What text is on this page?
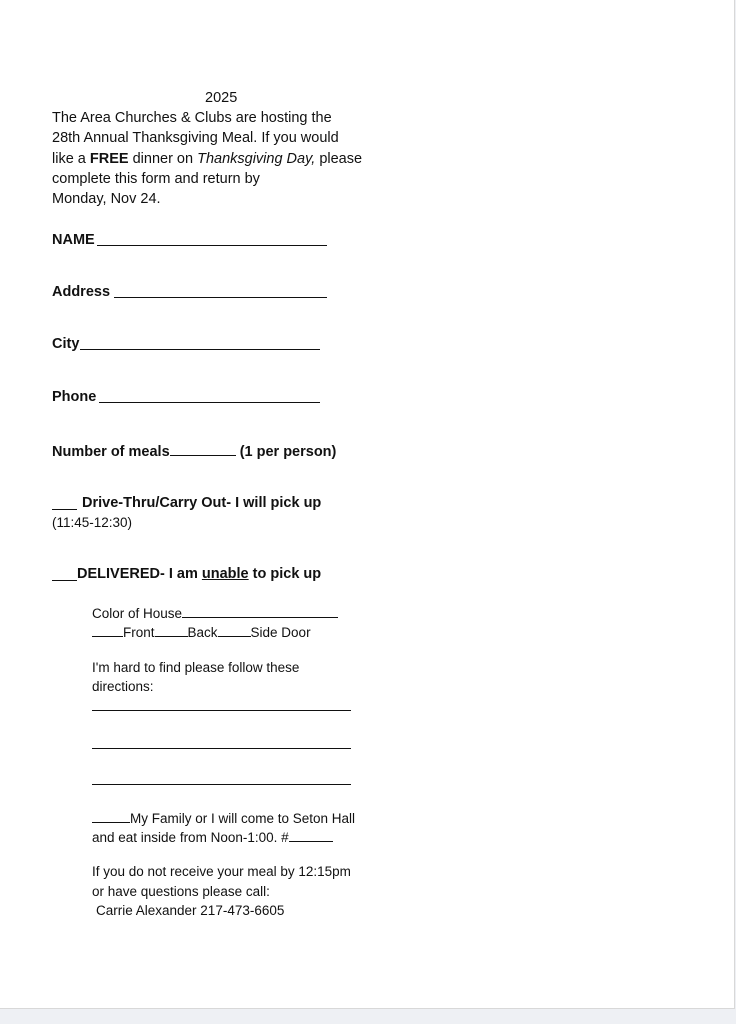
2025
The Area Churches & Clubs are hosting the
28th Annual Thanksgiving Meal. If you would
like a FREE dinner on Thanksgiving Day, please
complete this form and return by
Monday, Nov 24.
NAME
Address
City
Phone
Number of meals	(1 per person)
Drive-Thru/Carry Out- I will pick up
(11:45-12:30)
DELIVERED- I am unable to pick up
Color of House
Front Back Side Door
I'm hard to find please follow these
directions:
My Family or I will come to Seton Hall
and eat inside from Noon-1:00. #
If you do not receive your meal by 12:15pm
or have questions please call:
Carrie Alexander 217-473-6605
